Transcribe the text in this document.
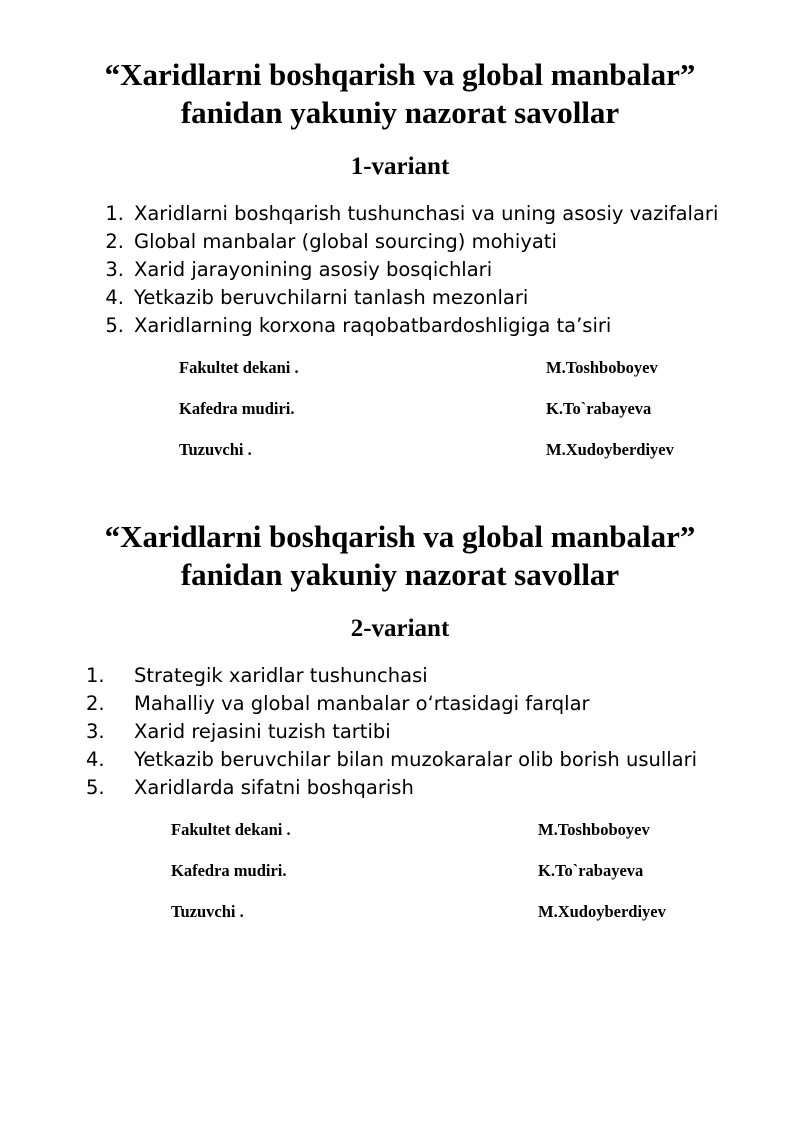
“Xaridlarni boshqarish va global manbalar”

fanidan yakuniy nazorat savollar

1-variant
1. Xaridlarni boshqarish tushunchasi va uning asosiy vazifalari
2. Global manbalar (global sourcing) mohiyati
3. Xarid jarayonining asosiy bosqichlari
4. Yetkazib beruvchilarni tanlash mezonlari
5. Xaridlarning korxona raqobatbardoshligiga ta’siri
Fakultet dekani .	M.Toshboboyev
Kafedra mudiri.	K.To`rabayeva
Tuzuvchi .	M.Xudoyberdiyev

“Xaridlarni boshqarish va global manbalar”

fanidan yakuniy nazorat savollar

2-variant
1. Strategik xaridlar tushunchasi
2. Mahalliy va global manbalar o‘rtasidagi farqlar
3. Xarid rejasini tuzish tartibi
4. Yetkazib beruvchilar bilan muzokaralar olib borish usullari
5. Xaridlarda sifatni boshqarish
Fakultet dekani .	M.Toshboboyev
Kafedra mudiri.	K.To`rabayeva
Tuzuvchi .	M.Xudoyberdiyev
